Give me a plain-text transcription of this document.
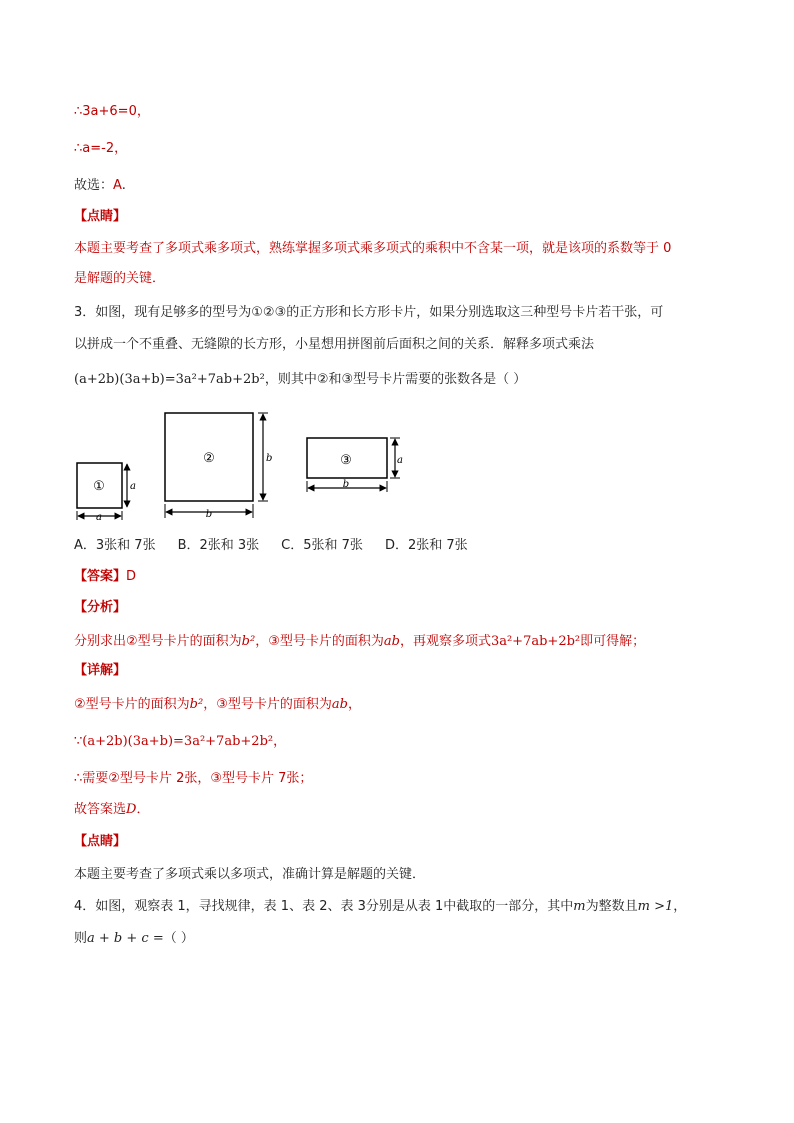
∴3a+6=0，
∴a=-2，
故选：A.
【点睛】
本题主要考查了多项式乘多项式，熟练掌握多项式乘多项式的乘积中不含某一项，就是该项的系数等于 0
是解题的关键．
3．如图，现有足够多的型号为①②③的正方形和长方形卡片，如果分别选取这三种型号卡片若干张，可
以拼成一个不重叠、无缝隙的长方形，小星想用拼图前后面积之间的关系．解释多项式乘法
(a+2b)(3a+b)=3a²+7ab+2b²，则其中②和③型号卡片需要的张数各是（ ）
①	a
a
②	b
b
③	a
b
A．3张和 7张 B．2张和 3张 C．5张和 7张 D．2张和 7张
【答案】D
【分析】
分别求出②型号卡片的面积为b²，③型号卡片的面积为ab，再观察多项式3a²+7ab+2b²即可得解；
【详解】
②型号卡片的面积为b²，③型号卡片的面积为ab，
∵(a+2b)(3a+b)=3a²+7ab+2b²，
∴需要②型号卡片 2张，③型号卡片 7张；
故答案选D．
【点睛】
本题主要考查了多项式乘以多项式，准确计算是解题的关键．
4．如图，观察表 1，寻找规律，表 1、表 2、表 3分别是从表 1中截取的一部分，其中m为整数且m >1，
则a + b + c =（ ）
